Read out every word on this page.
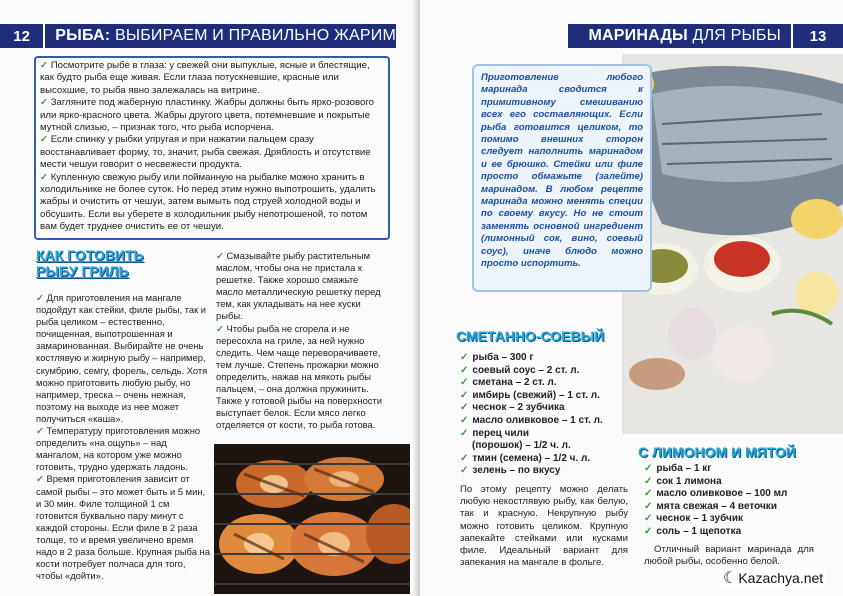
12	РЫБА: ВЫБИРАЕМ И ПРАВИЛЬНО ЖАРИМ

✓ Посмотрите рыбе в глаза: у свежей они выпуклые, ясные и блестящие, как будто рыба еще живая. Если глаза потускневшие, красные или высохшие, то рыба явно залежалась на витрине.

✓ Загляните под жаберную пластинку. Жабры должны быть ярко-розового или ярко-красного цвета. Жабры другого цвета, потемневшие и покрытые мутной слизью, – признак того, что рыба испорчена.

✓ Если спинку у рыбки упругая и при нажатии пальцем сразу восстанавливает форму, то, значит, рыба свежая. Дряблость и отсутствие мести чешуи говорит о несвежести продукта.

✓ Купленную свежую рыбу или пойманную на рыбалке можно хранить в холодильнике не более суток. Но перед этим нужно выпотрошить, удалить жабры и очистить от чешуи, затем вымыть под струей холодной воды и обсушить. Если вы уберете в холодильник рыбу непотрошеной, то потом вам будет труднее очистить ее от чешуи.

КАК ГОТОВИТЬ
РЫБУ ГРИЛЬ

✓ Для приготовления на мангале подойдут как стейки, филе рыбы, так и рыба целиком – естественно, почищенная, выпотрошенная и замаринованная. Выбирайте не очень костлявую и жирную рыбу – например, скумбрию, семгу, форель, сельдь. Хотя можно приготовить любую рыбу, но например, треска – очень нежная, поэтому на выходе из нее может получиться «каша».

✓ Температуру приготовления можно определить «на ощупь» – над мангалом, на котором уже можно готовить, трудно удержать ладонь.

✓ Время приготовления зависит от самой рыбы – это может быть и 5 мин, и 30 мин. Филе толщиной 1 см готовится буквально пару минут с каждой стороны. Если филе в 2 раза толще, то и время увеличено время надо в 2 раза больше. Крупная рыба на кости потребует полчаса для того, чтобы «дойти».

✓ Смазывайте рыбу растительным маслом, чтобы она не пристала к решетке. Также хорошо смажьте масло металлическую решетку перед тем, как укладывать на нее куски рыбы.

✓ Чтобы рыба не сгорела и не пересохла на гриле, за ней нужно следить. Чем чаще переворачиваете, тем лучше. Степень прожарки можно определить, нажав на мякоть рыбы пальцем, – она должна пружинить. Также у готовой рыбы на поверхности выступает белок. Если мясо легко отделяется от кости, то рыба готова.

МАРИНАДЫ ДЛЯ РЫБЫ	13
Приготовление любого маринада сводится к примитивному смешиванию всех его составляющих. Если рыба готовится целиком, то помимо внешних сторон следует наполнить маринадом и ее брюшко. Стейки или филе просто обмажьте (залейте) маринадом. В любом рецепте маринада можно менять специи по своему вкусу. Но не стоит заменять основной ингредиент (лимонный сок, вино, соевый соус), иначе блюдо можно просто испортить.
СМЕТАННО-СОЕВЫЙ
✓ рыба – 300 г
✓ соевый соус – 2 ст. л.
✓ сметана – 2 ст. л.
✓ имбирь (свежий) – 1 ст. л.
✓ чеснок – 2 зубчика
✓ масло оливковое – 1 ст. л.
✓ перец чили
(порошок) – 1/2 ч. л.
✓ тмин (семена) – 1/2 ч. л.
✓ зелень – по вкусу
По этому рецепту можно делать любую некостлявую рыбу, как белую, так и красную. Некрупную рыбу можно готовить целиком. Крупную запекайте стейками или кусками филе. Идеальный вариант для запекания на мангале в фольге.
С ЛИМОНОМ И МЯТОЙ
✓ рыба – 1 кг
✓ сок 1 лимона
✓ масло оливковое – 100 мл
✓ мята свежая – 4 веточки
✓ чеснок – 1 зубчик
✓ соль – 1 щепотка
Отличный вариант маринада для любой рыбы, особенно белой.
☾ Kazachya.net
